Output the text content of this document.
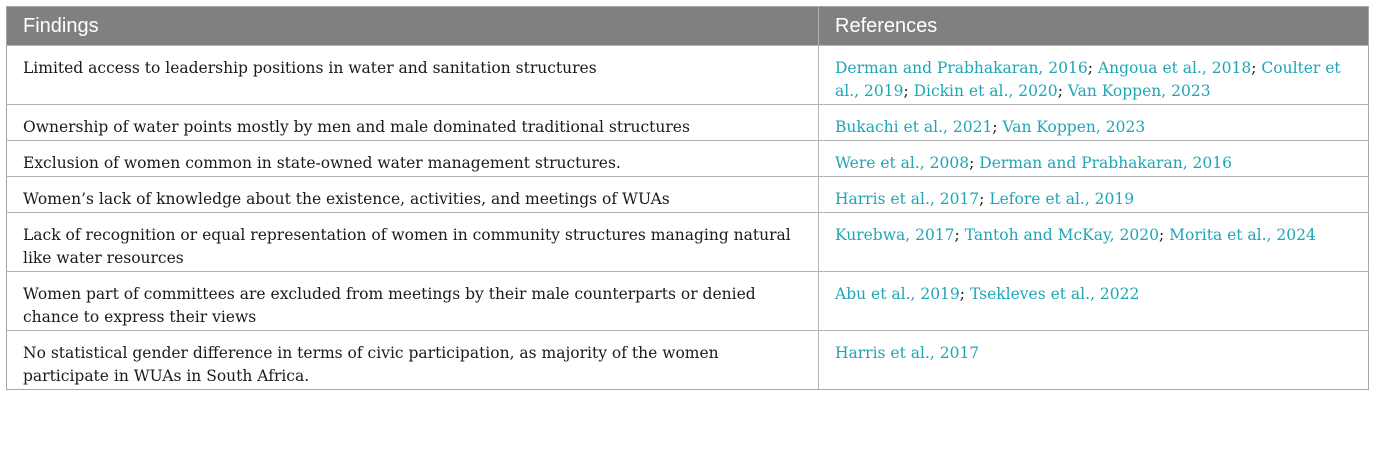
Findings	References
Limited access to leadership positions in water and sanitation structures	Derman and Prabhakaran, 2016; Angoua et al., 2018; Coulter et al., 2019; Dickin et al., 2020; Van Koppen, 2023
Ownership of water points mostly by men and male dominated traditional structures	Bukachi et al., 2021; Van Koppen, 2023
Exclusion of women common in state-owned water management structures.	Were et al., 2008; Derman and Prabhakaran, 2016
Women’s lack of knowledge about the existence, activities, and meetings of WUAs	Harris et al., 2017; Lefore et al., 2019
Lack of recognition or equal representation of women in community structures managing natural like water resources	Kurebwa, 2017; Tantoh and McKay, 2020; Morita et al., 2024
Women part of committees are excluded from meetings by their male counterparts or denied chance to express their views	Abu et al., 2019; Tsekleves et al., 2022
No statistical gender difference in terms of civic participation, as majority of the women participate in WUAs in South Africa.	Harris et al., 2017
